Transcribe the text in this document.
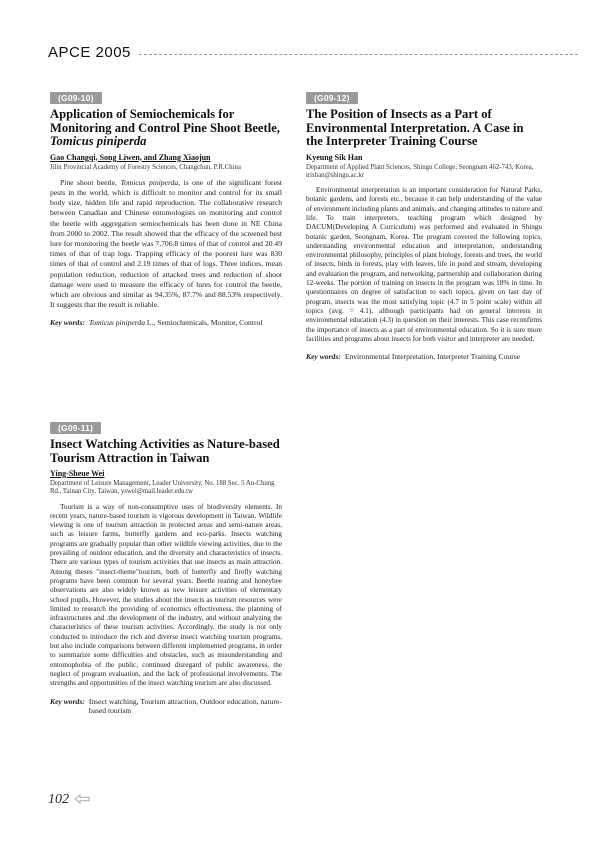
APCE 2005
(G09-10)
Application of Semiochemicals for Monitoring and Control Pine Shoot Beetle, Tomicus piniperda

Gao Changqi, Song Liwen, and Zhang Xiaojun

Jilin Provincial Academy of Forestry Sciences, Changchun, P.R.China

Pine shoot beetle, Tomicus piniperda, is one of the significant forest pests in the world, which is difficult to monitor and control for its small body size, hidden life and rapid reproduction. The collaborative research between Canadian and Chinese entomologists on monitoring and control the beetle with aggregation semiochemicals has been done in NE China from 2000 to 2002. The result showed that the efficacy of the screened best lure for monitoring the beetle was 7,706.8 times of that of control and 20.49 times of that of trap logs. Trapping efficacy of the poorest lure was 830 times of that of control and 2.19 times of that of logs. Three indices, mean population reduction, reduction of attacked trees and reduction of shoot damage were used to measure the efficacy of lures for control the beetle, which are obvious and similar as 94.35%, 87.7% and 88.53% respectively. It suggests that the result is reliable.

Key words: Tomicus piniperda L., Semiochemicals, Monitor, Control
(G09-11)
Insect Watching Activities as Nature-based Tourism Attraction in Taiwan

Ying-Sheue Wei

Department of Leisure Management, Leader University, No. 188 Sec. 5 An-Chung Rd., Tainan City, Taiwan, yswei@mail.leader.edu.tw

Tourism is a way of non-consumptive uses of biodiversity elements. In recent years, nature-based tourism is vigorous development in Taiwan. Wildlife viewing is one of tourism attraction in protected areas and semi-nature areas, such as leisure farms, butterfly gardens and eco-parks. Insects watching programs are gradually popular than other wildlife viewing activities, due to the prevailing of outdoor education, and the diversity and characteristics of insects. There are various types of tourism activities that use insects as main attraction. Among theses "insect-theme"tourism, both of butterfly and firefly watching programs have been common for several years. Beetle rearing and honeybee observations are also widely known as new leisure activities of elementary school pupils. However, the studies about the insects as tourism resources were limited to research the providing of economics effectiveness, the planning of infrastructures and .the development of the industry, and without analyzing the characteristics of these tourism activities. Accordingly, the study is not only conducted to introduce the rich and diverse insect watching tourism programs, but also include comparisons between different implemented programs, in order to summarize some difficulties and obstacles, such as misunderstanding and entomophobia of the public, continued disregard of public awareness, the neglect of program evaluation, and the lack of professional involvements. The strengths and opportunities of the insect watching tourism are also discussed.

Key words: Insect watching, Tourism attraction, Outdoor education, nature-based tourism
(G09-12)
The Position of Insects as a Part of Environmental Interpretation. A Case in the Interpreter Training Course

Kyeung Sik Han

Department of Applied Plant Sciences, Shingu College, Seongnam 462-743, Korea, irishan@shingu.ac.kr

Environmental interpretation is an important consideration for Natural Parks, botanic gardens, and forests etc., because it can help understanding of the value of environment including plants and animals, and changing attitudes to nature and life. To train interpreters, teaching program which designed by DACUM(Developing A Curriculum) was performed and evaluated in Shingu botanic garden, Seongnam, Korea. The program covered the following topics, understanding environmental education and interpretation, understanding environmental philosophy, principles of plant biology, forests and trees, the world of insects, birds in forests, play with leaves, life in pond and stream, developing and evaluation the program, and networking, partnership and collaboration during 12-weeks. The portion of training on insects in the program was 18% in time. In questionnaires on degree of satisfaction to each topics, given on last day of program, insects was the most satisfying topic (4.7 in 5 point scale) within all topics (avg. = 4.1), although participants had on general interests in environmental education (4.3) in question on their interests. This case reconfirms the importance of insects as a part of environmental education. So it is sure more facilities and programs about insects for both visitor and interpreter are needed.

Key words: Environmental Interpretation, Interpreter Training Course
102
